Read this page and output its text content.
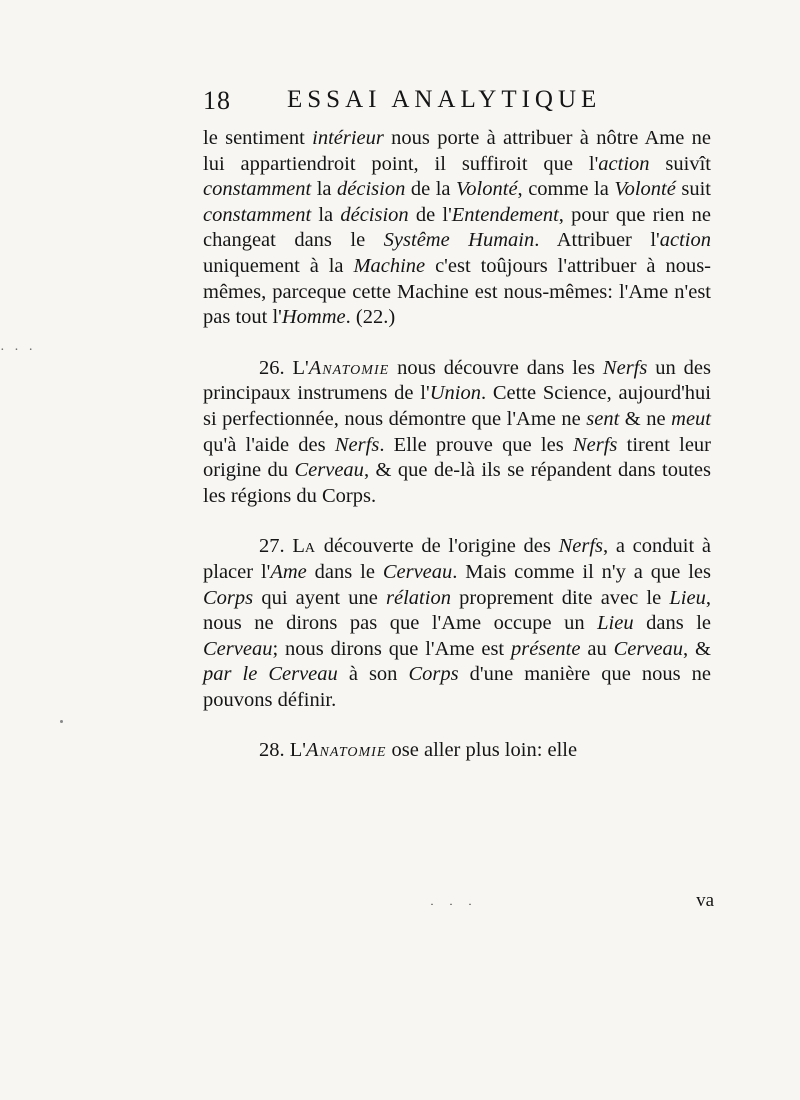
18 ESSAI ANALYTIQUE

le sentiment intérieur nous porte à attribuer à nôtre Ame ne lui appartiendroit point, il suffiroit que l'action suivît constamment la décision de la Volonté, comme la Volonté suit constamment la décision de l'Entendement, pour que rien ne changeat dans le Systême Humain. Attribuer l'action uniquement à la Machine c'est toûjours l'attribuer à nous-mêmes, parceque cette Machine est nous-mêmes: l'Ame n'est pas tout l'Homme. (22.)

26. L'Anatomie nous découvre dans les Nerfs un des principaux instrumens de l'Union. Cette Science, aujourd'hui si perfectionnée, nous démontre que l'Ame ne sent & ne meut qu'à l'aide des Nerfs. Elle prouve que les Nerfs tirent leur origine du Cerveau, & que de-là ils se répandent dans toutes les régions du Corps.

27. La découverte de l'origine des Nerfs, a conduit à placer l'Ame dans le Cerveau. Mais comme il n'y a que les Corps qui ayent une rélation proprement dite avec le Lieu, nous ne dirons pas que l'Ame occupe un Lieu dans le Cerveau; nous dirons que l'Ame est présente au Cerveau, & par le Cerveau à son Corps d'une manière que nous ne pouvons définir.

28. L'Anatomie ose aller plus loin: elle

· · ·	va
· · ·
